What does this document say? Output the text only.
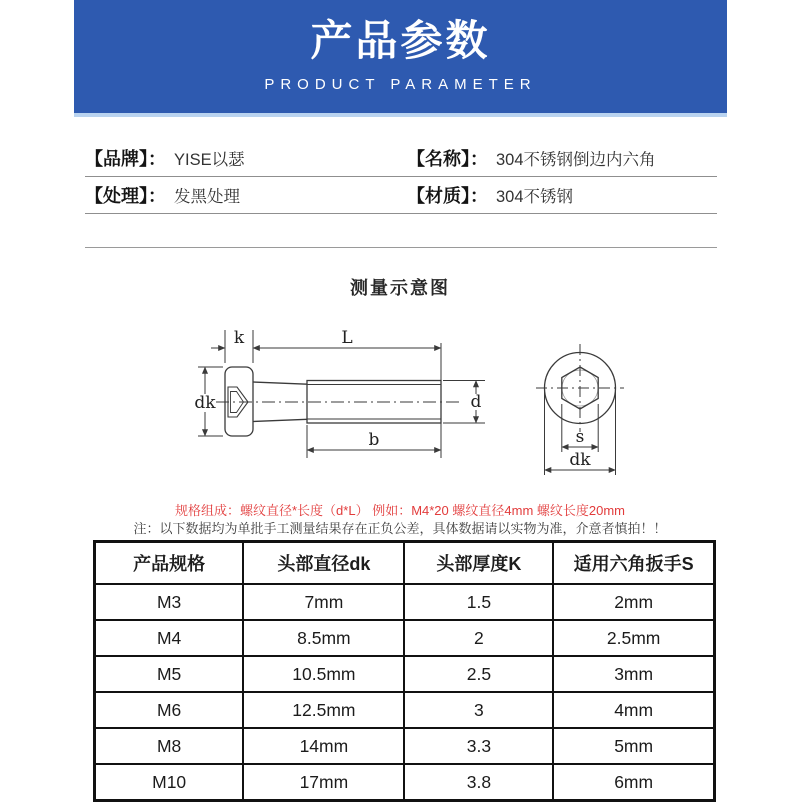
产品参数
PRODUCT PARAMETER
【品牌】： YISE以瑟	【名称】： 304不锈钢倒边内六角
【处理】： 发黑处理	【材质】： 304不锈钢
测量示意图
k	L
dk	d
b	s
dk
规格组成：螺纹直径*长度（d*L） 例如：M4*20 螺纹直径4mm 螺纹长度20mm
注：以下数据均为单批手工测量结果存在正负公差，具体数据请以实物为准，介意者慎拍！！
产品规格	头部直径dk	头部厚度K	适用六角扳手S
M3	7mm	1.5	2mm
M4	8.5mm	2	2.5mm
M5	10.5mm	2.5	3mm
M6	12.5mm	3	4mm
M8	14mm	3.3	5mm
M10	17mm	3.8	6mm
